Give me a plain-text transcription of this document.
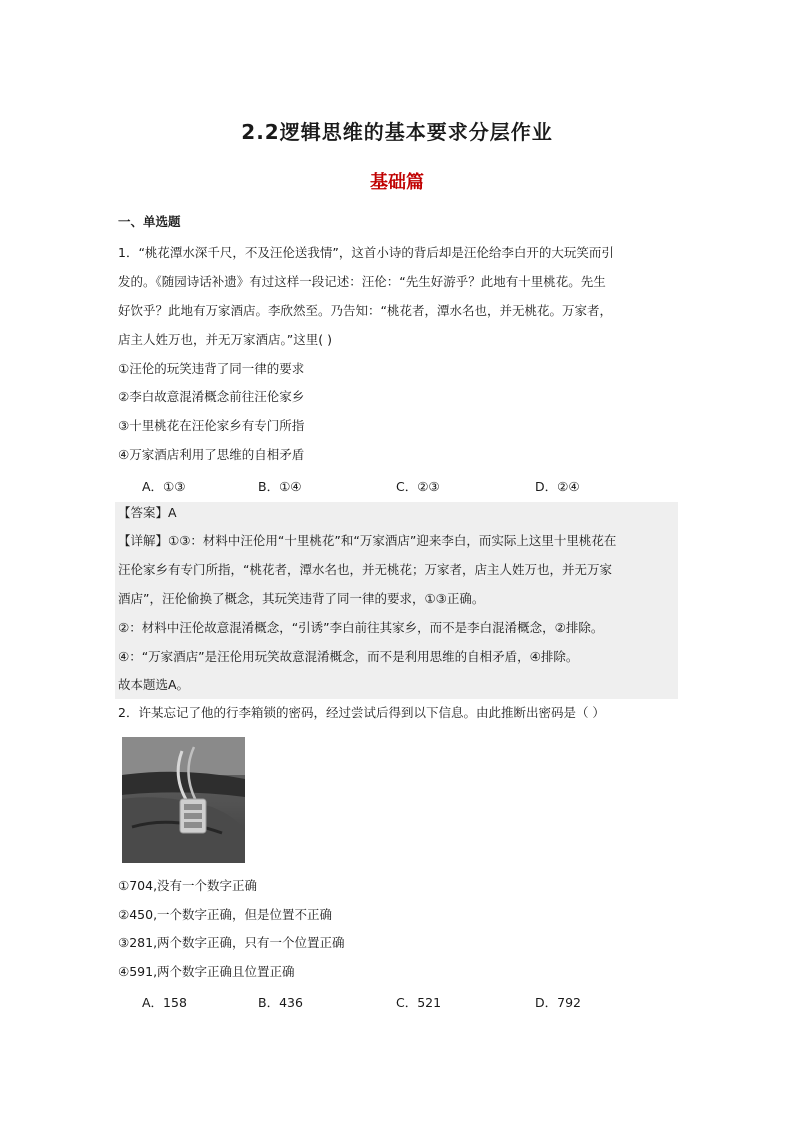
2.2逻辑思维的基本要求分层作业
基础篇
一、单选题
1．“桃花潭水深千尺，不及汪伦送我情”，这首小诗的背后却是汪伦给李白开的大玩笑而引
发的。《随园诗话补遗》有过这样一段记述：汪伦：“先生好游乎？此地有十里桃花。先生
好饮乎？此地有万家酒店。李欣然至。乃告知：“桃花者，潭水名也，并无桃花。万家者，
店主人姓万也，并无万家酒店。”这里( )
①汪伦的玩笑违背了同一律的要求
②李白故意混淆概念前往汪伦家乡
③十里桃花在汪伦家乡有专门所指
④万家酒店利用了思维的自相矛盾
A．①③	B．①④	C．②③	D．②④
【答案】A
【详解】①③：材料中汪伦用“十里桃花”和“万家酒店”迎来李白，而实际上这里十里桃花在
汪伦家乡有专门所指，“桃花者，潭水名也，并无桃花；万家者，店主人姓万也，并无万家
酒店”，汪伦偷换了概念，其玩笑违背了同一律的要求，①③正确。
②：材料中汪伦故意混淆概念，“引诱”李白前往其家乡，而不是李白混淆概念，②排除。
④：“万家酒店”是汪伦用玩笑故意混淆概念，而不是利用思维的自相矛盾，④排除。
故本题选A。
2．许某忘记了他的行李箱锁的密码，经过尝试后得到以下信息。由此推断出密码是（ ）
①704,没有一个数字正确
②450,一个数字正确，但是位置不正确
③281,两个数字正确，只有一个位置正确
④591,两个数字正确且位置正确
A．158	B．436	C．521	D．792
